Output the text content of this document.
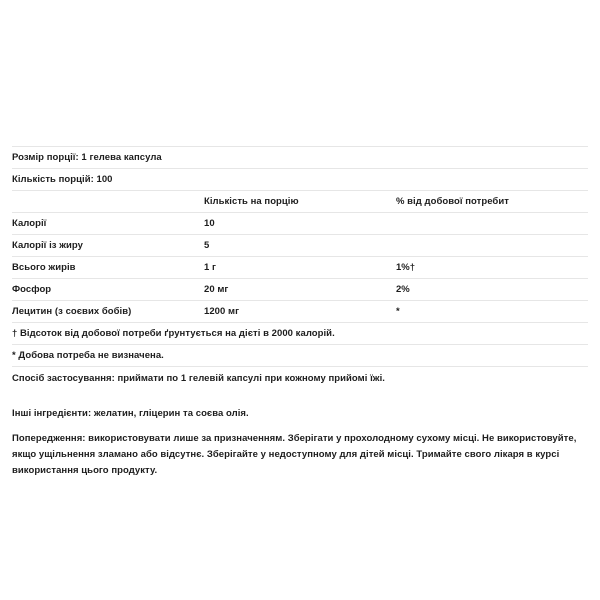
Розмір порції: 1 гелева капсула		
Кількість порцій: 100		
	Кількість на порцію	% від добової потребит
Калорії	10	
Калорії із жиру	5	
Всього жирів	1 г	1%†
Фосфор	20 мг	2%
Лецитин (з соєвих бобів)	1200 мг	*
† Відсоток від добової потреби ґрунтується на дієті в 2000 калорій.		
* Добова потреба не визначена.		

Спосіб застосування: приймати по 1 гелевій капсулі при кожному прийомі їжі.

Інші інгредієнти: желатин, гліцерин та соєва олія.

Попередження: використовувати лише за призначенням. Зберігати у прохолодному сухому місці. Не використовуйте, якщо ущільнення зламано або відсутнє. Зберігайте у недоступному для дітей місці. Тримайте свого лікаря в курсі використання цього продукту.
